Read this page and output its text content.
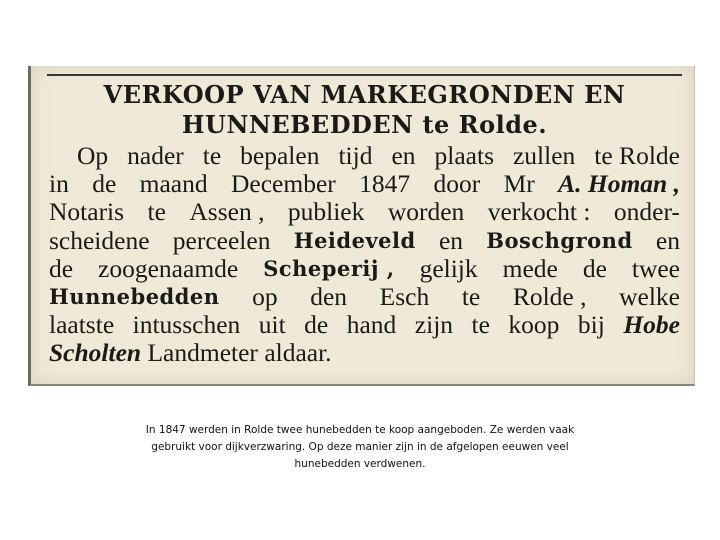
VERKOOP VAN MARKEGRONDEN EN
HUNNEBEDDEN te Rolde.
Op nader te bepalen tijd en plaats zullen te Rolde
in de maand December 1847 door Mr A. Homan ,
Notaris te Assen , publiek worden verkocht : onder-
scheidene perceelen Heideveld en Boschgrond en
de zoogenaamde Scheperij , gelijk mede de twee
Hunnebedden op den Esch te Rolde , welke
laatste intusschen uit de hand zijn te koop bij Hobe
Scholten
Landmeter
aldaar.
In 1847 werden in Rolde twee hunebedden te koop aangeboden. Ze werden vaak gebruikt voor dijkverzwaring. Op deze manier zijn in de afgelopen eeuwen veel hunebedden verdwenen.
